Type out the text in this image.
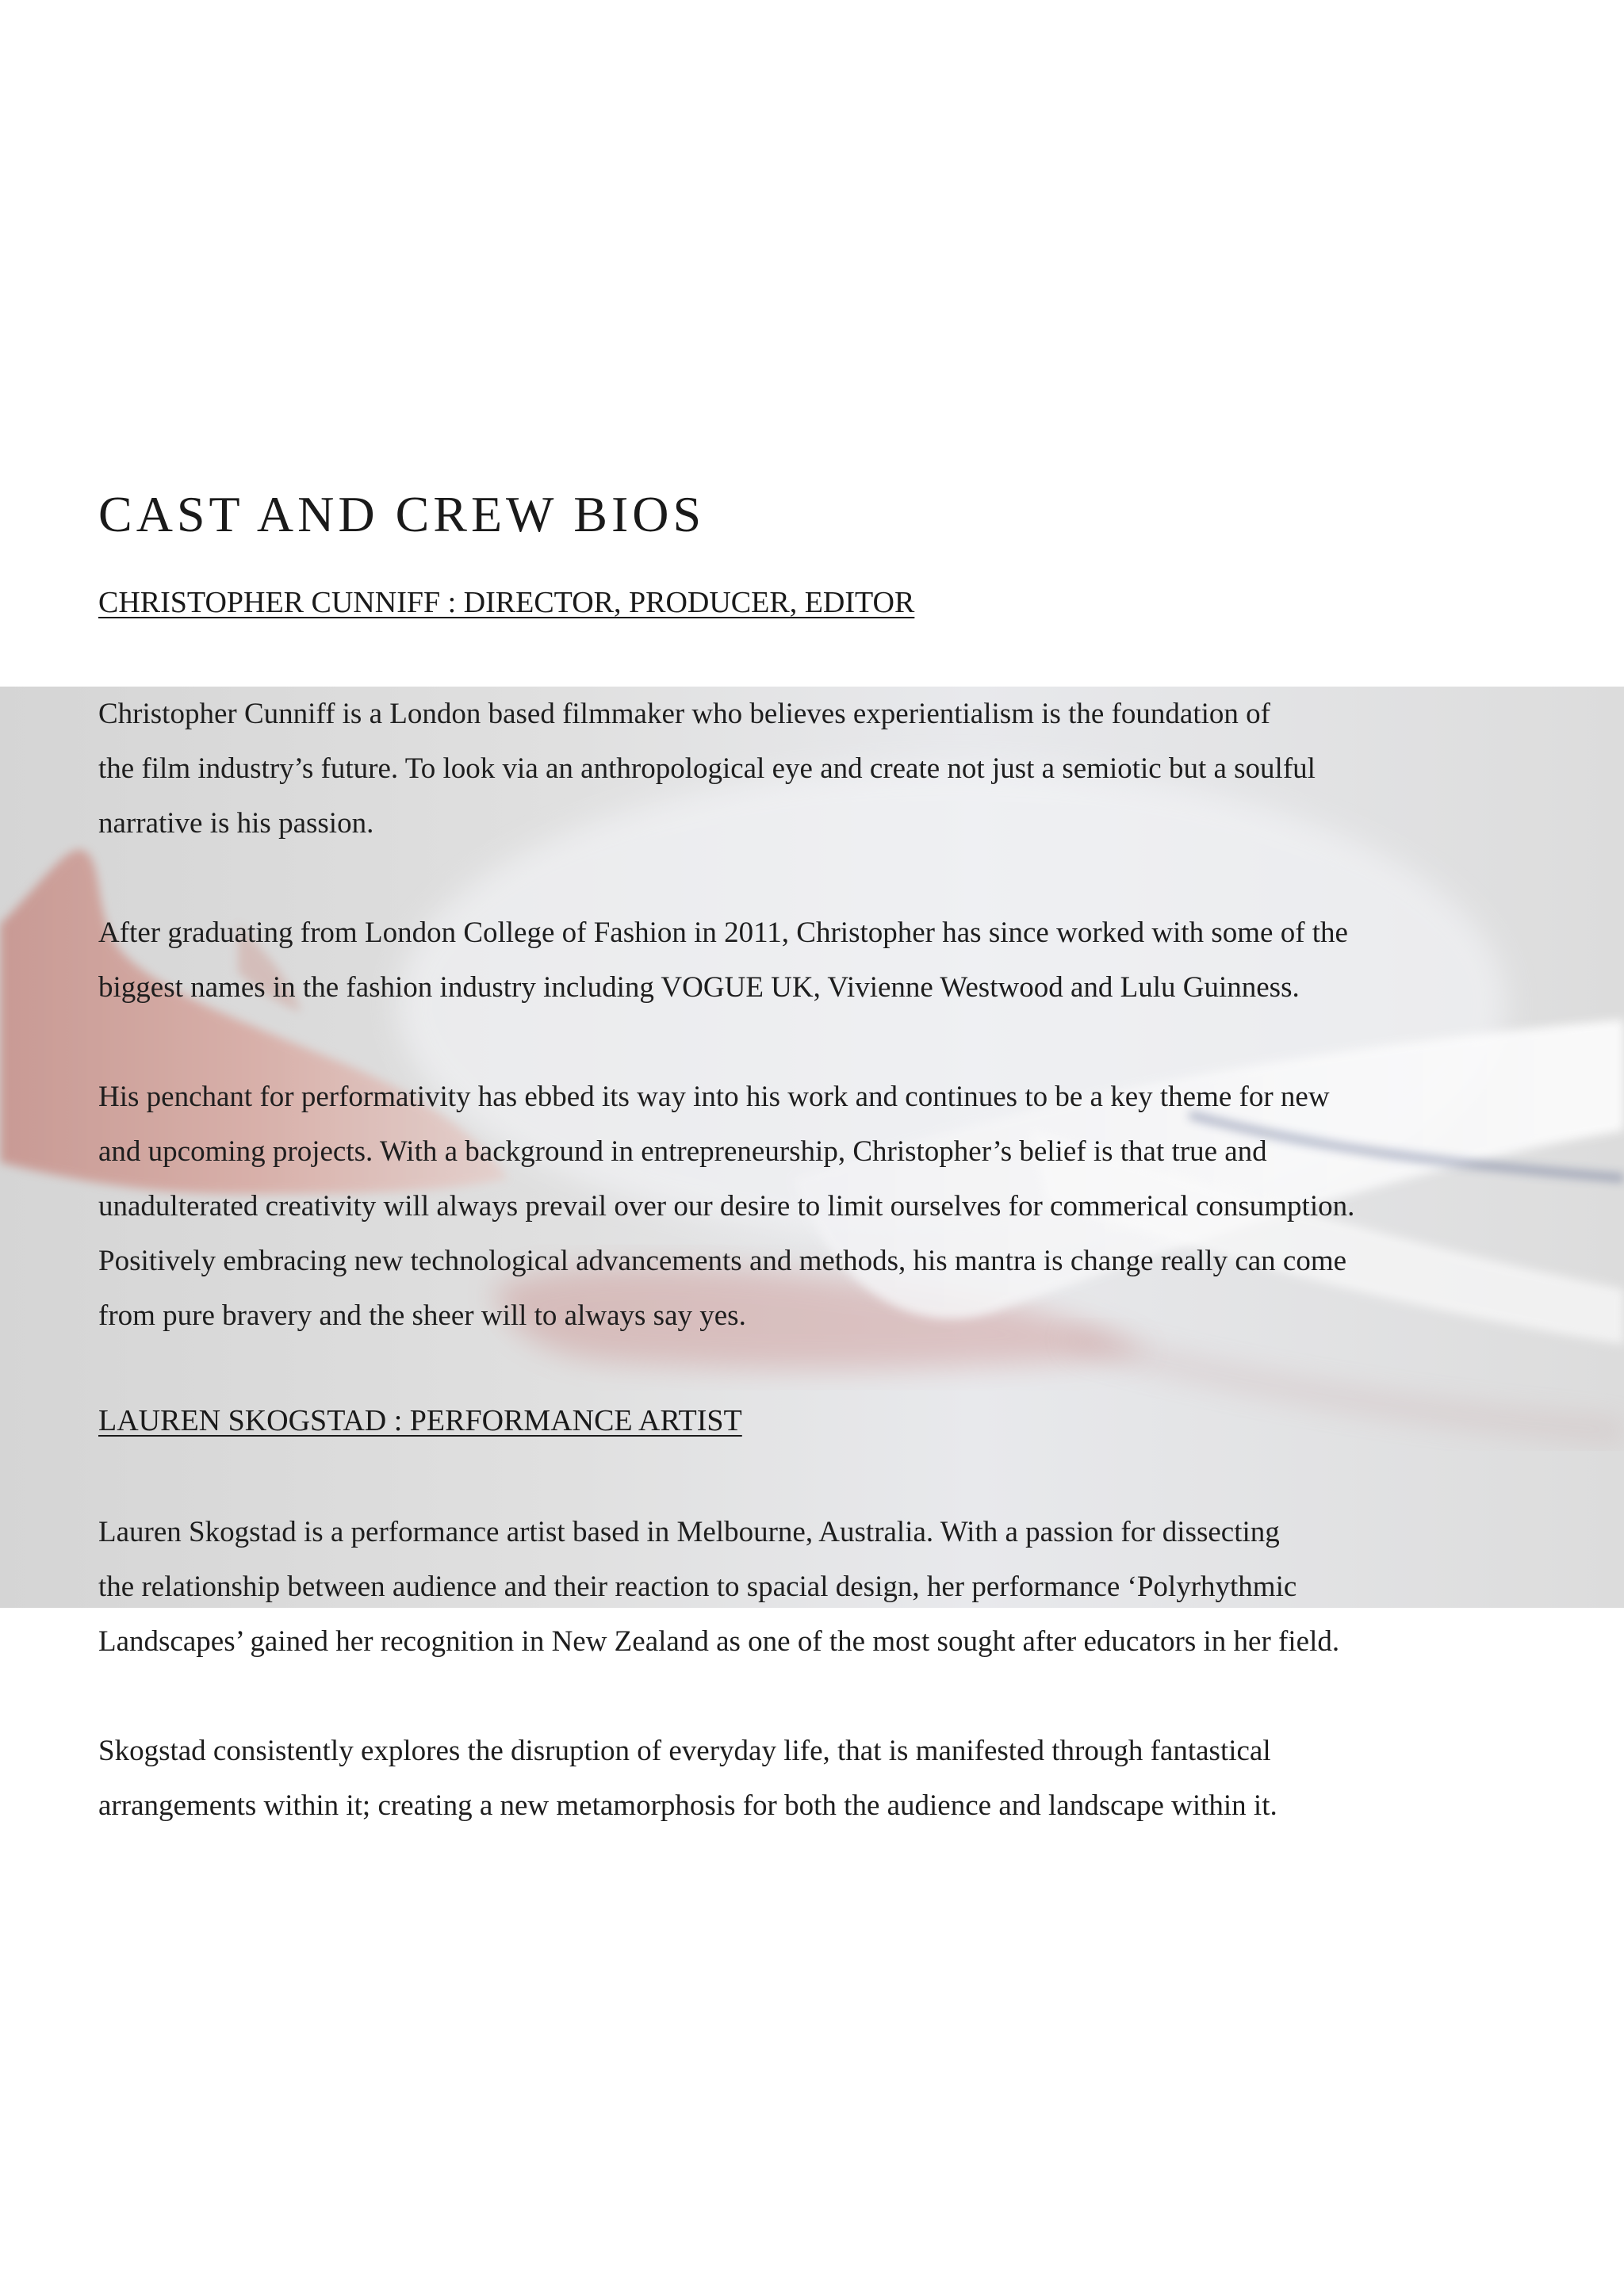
CAST AND CREW BIOS
CHRISTOPHER CUNNIFF : DIRECTOR, PRODUCER, EDITOR
Christopher Cunniff is a London based filmmaker who believes experientialism is the foundation of
the film industry’s future. To look via an anthropological eye and create not just a semiotic but a soulful
narrative is his passion.
After graduating from London College of Fashion in 2011, Christopher has since worked with some of the
biggest names in the fashion industry including VOGUE UK, Vivienne Westwood and Lulu Guinness.
His penchant for performativity has ebbed its way into his work and continues to be a key theme for new
and upcoming projects. With a background in entrepreneurship, Christopher’s belief is that true and
unadulterated creativity will always prevail over our desire to limit ourselves for commerical consumption.
Positively embracing new technological advancements and methods, his mantra is change really can come
from pure bravery and the sheer will to always say yes.
LAUREN SKOGSTAD : PERFORMANCE ARTIST
Lauren Skogstad is a performance artist based in Melbourne, Australia. With a passion for dissecting
the relationship between audience and their reaction to spacial design, her performance ‘Polyrhythmic
Landscapes’ gained her recognition in New Zealand as one of the most sought after educators in her field.
Skogstad consistently explores the disruption of everyday life, that is manifested through fantastical
arrangements within it; creating a new metamorphosis for both the audience and landscape within it.
